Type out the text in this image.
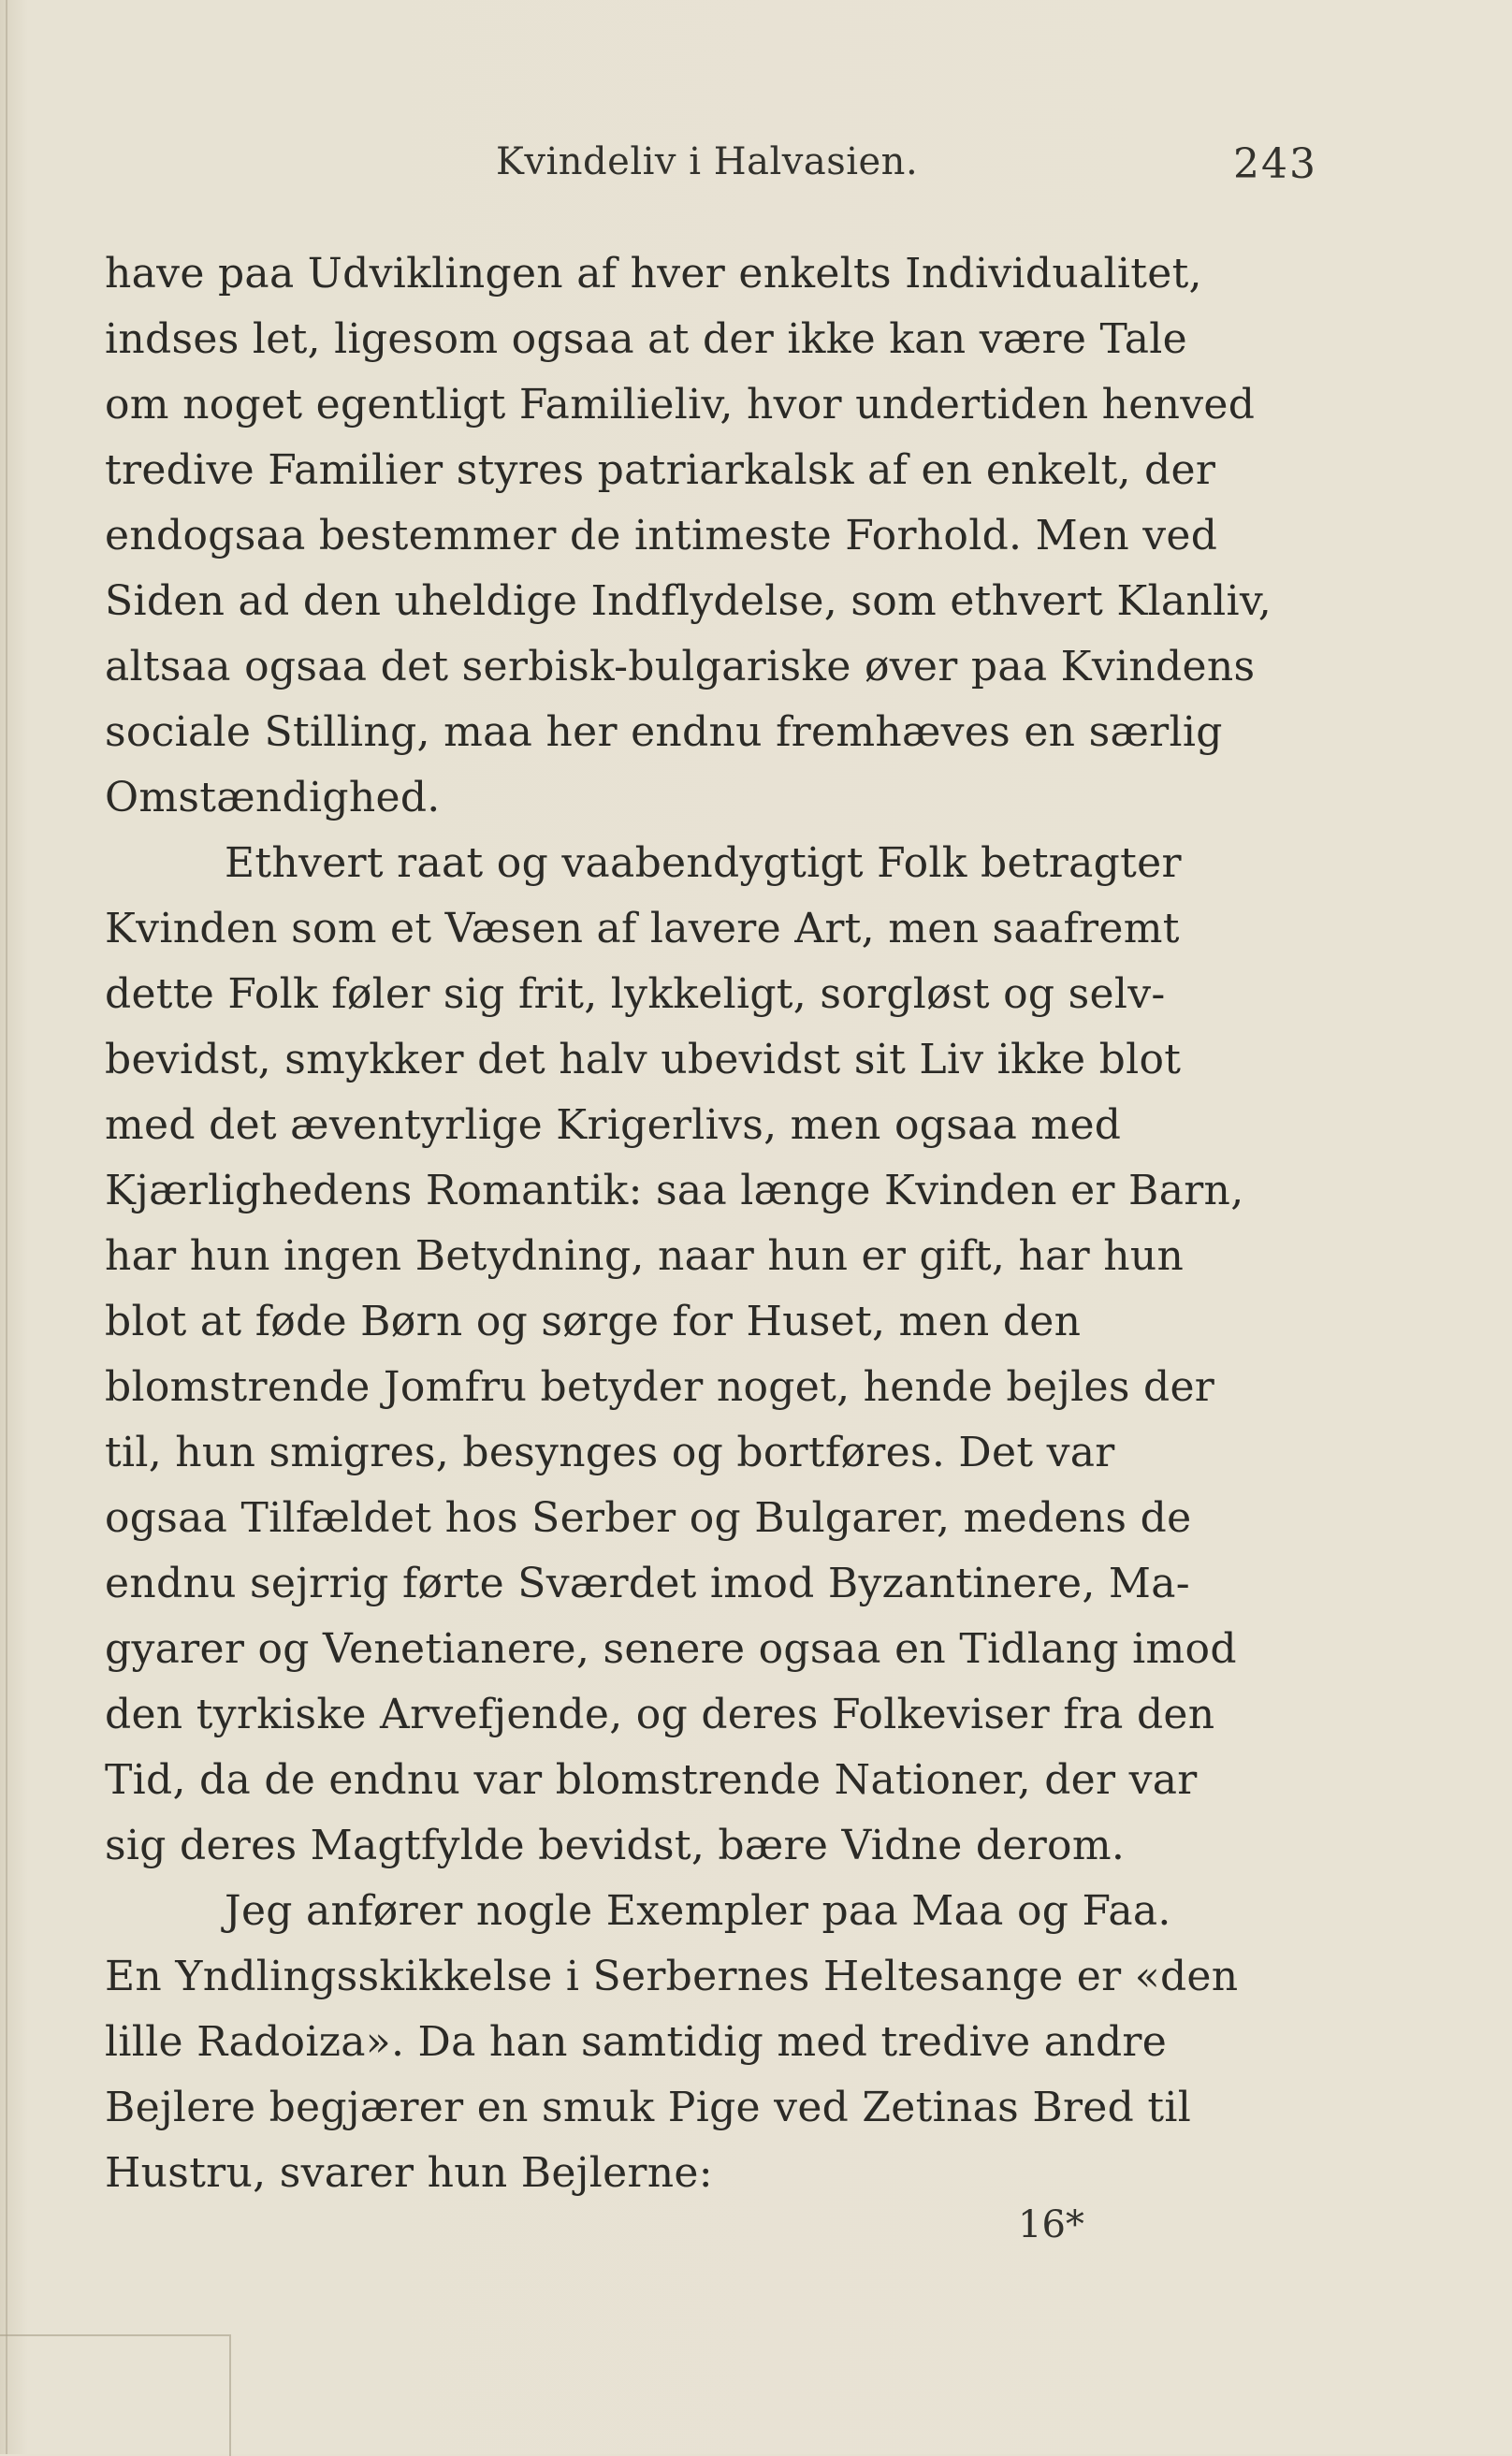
Kvindeliv i Halvasien.	243
have paa Udviklingen af hver enkelts Individualitet,
indses let, ligesom ogsaa at der ikke kan være Tale
om noget egentligt Familieliv, hvor undertiden henved
tredive Familier styres patriarkalsk af en enkelt, der
endogsaa bestemmer de intimeste Forhold. Men ved
Siden ad den uheldige Indflydelse, som ethvert Klanliv,
altsaa ogsaa det serbisk-bulgariske øver paa Kvindens
sociale Stilling, maa her endnu fremhæves en særlig
Omstændighed.
Ethvert raat og vaabendygtigt Folk betragter
Kvinden som et Væsen af lavere Art, men saafremt
dette Folk føler sig frit, lykkeligt, sorgløst og selv-
bevidst, smykker det halv ubevidst sit Liv ikke blot
med det æventyrlige Krigerlivs, men ogsaa med
Kjærlighedens Romantik: saa længe Kvinden er Barn,
har hun ingen Betydning, naar hun er gift, har hun
blot at føde Børn og sørge for Huset, men den
blomstrende Jomfru betyder noget, hende bejles der
til, hun smigres, besynges og bortføres. Det var
ogsaa Tilfældet hos Serber og Bulgarer, medens de
endnu sejrrig førte Sværdet imod Byzantinere, Ma-
gyarer og Venetianere, senere ogsaa en Tidlang imod
den tyrkiske Arvefjende, og deres Folkeviser fra den
Tid, da de endnu var blomstrende Nationer, der var
sig deres Magtfylde bevidst, bære Vidne derom.
Jeg anfører nogle Exempler paa Maa og Faa.
En Yndlingsskikkelse i Serbernes Heltesange er «den
lille Radoiza». Da han samtidig med tredive andre
Bejlere begjærer en smuk Pige ved Zetinas Bred til
Hustru, svarer hun Bejlerne:
16*
